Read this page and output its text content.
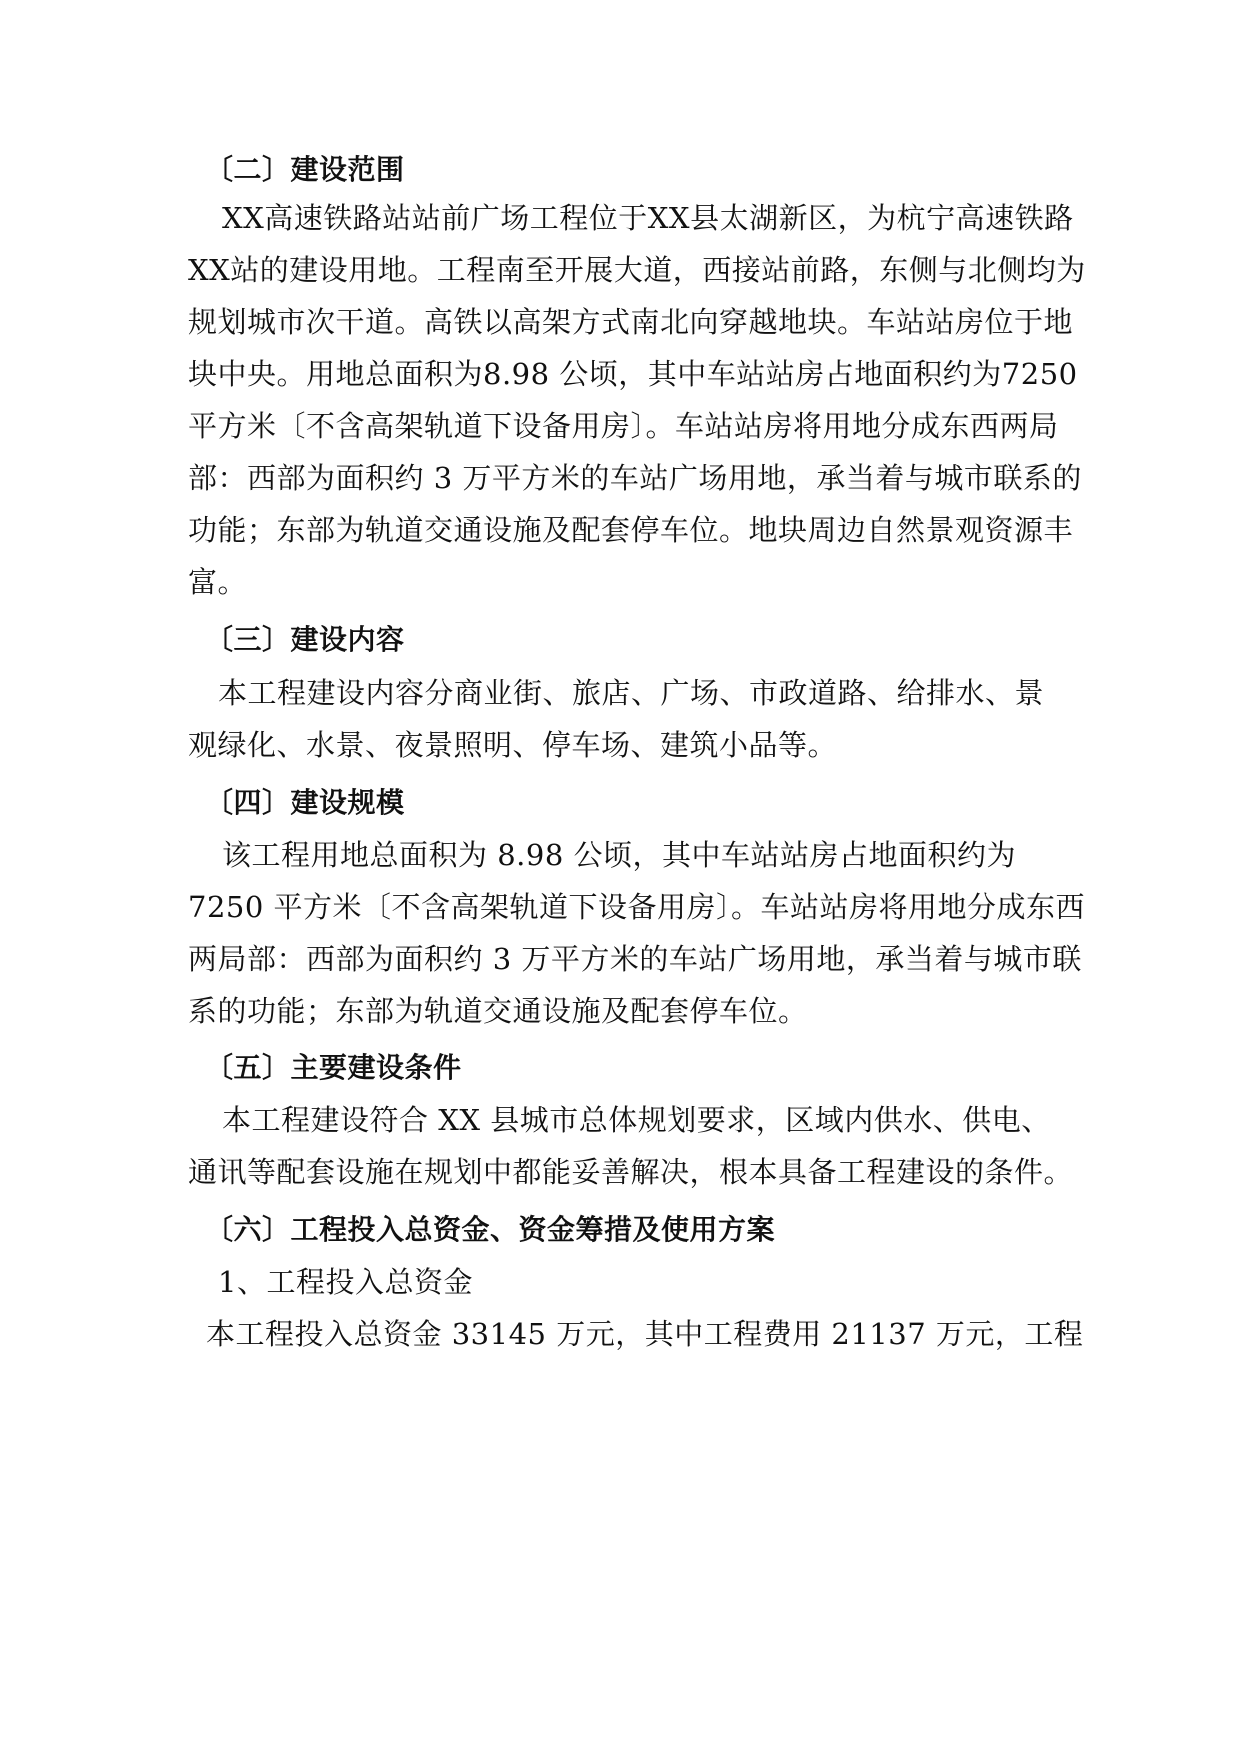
〔二〕建设范围
XX高速铁路站站前广场工程位于XX县太湖新区，为杭宁高速铁路
XX站的建设用地。工程南至开展大道，西接站前路，东侧与北侧均为
规划城市次干道。高铁以高架方式南北向穿越地块。车站站房位于地
块中央。用地总面积为8.98 公顷，其中车站站房占地面积约为7250
平方米〔不含高架轨道下设备用房〕。车站站房将用地分成东西两局
部：西部为面积约 3 万平方米的车站广场用地，承当着与城市联系的
功能；东部为轨道交通设施及配套停车位。地块周边自然景观资源丰
富。
〔三〕建设内容
本工程建设内容分商业街、旅店、广场、市政道路、给排水、景
观绿化、水景、夜景照明、停车场、建筑小品等。
〔四〕建设规模
该工程用地总面积为 8.98 公顷，其中车站站房占地面积约为
7250 平方米〔不含高架轨道下设备用房〕。车站站房将用地分成东西
两局部：西部为面积约 3 万平方米的车站广场用地，承当着与城市联
系的功能；东部为轨道交通设施及配套停车位。
〔五〕主要建设条件
本工程建设符合 XX 县城市总体规划要求，区域内供水、供电、
通讯等配套设施在规划中都能妥善解决，根本具备工程建设的条件。
〔六〕工程投入总资金、资金筹措及使用方案
1、工程投入总资金
本工程投入总资金 33145 万元，其中工程费用 21137 万元，工程
